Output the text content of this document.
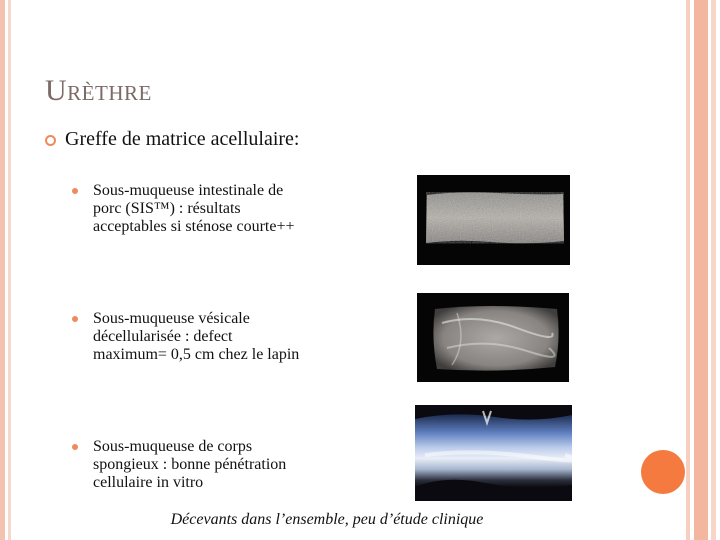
Urèthre
Greffe de matrice acellulaire:
Sous-muqueuse intestinale de
porc (SIS™) : résultats
acceptables si sténose courte++
Sous-muqueuse vésicale
décellularisée : defect
maximum= 0,5 cm chez le lapin
Sous-muqueuse de corps
spongieux : bonne pénétration
cellulaire in vitro
Décevants dans l’ensemble, peu d’étude clinique
